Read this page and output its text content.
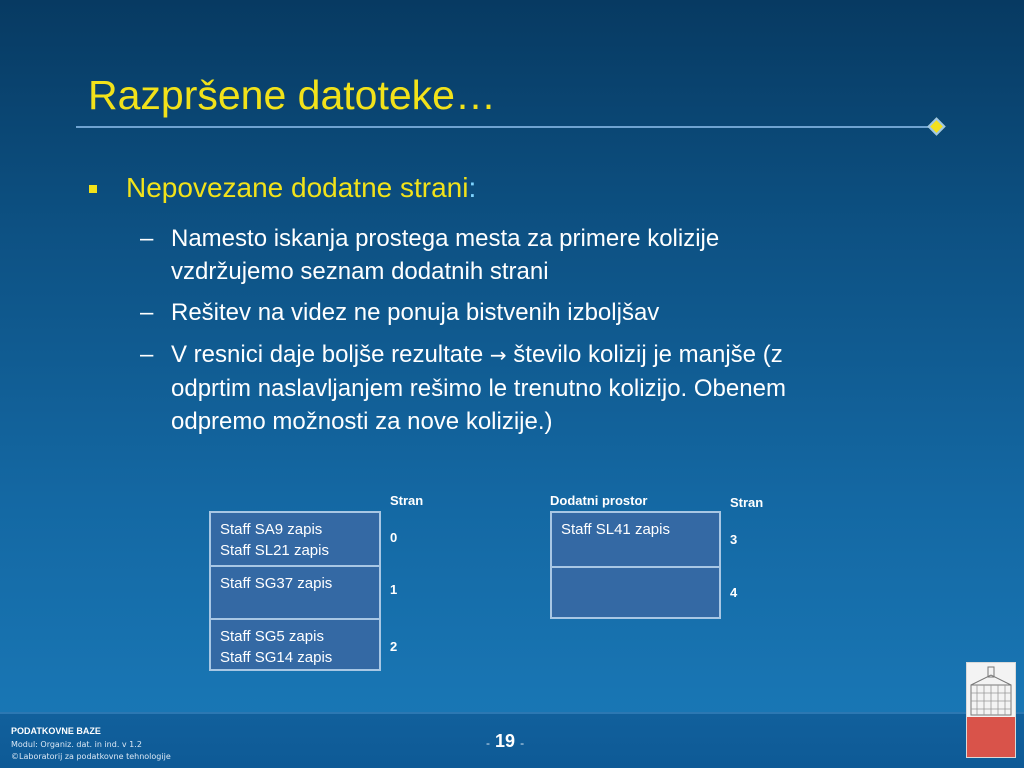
Razpršene datoteke…
Nepovezane dodatne strani:
– Namesto iskanja prostega mesta za primere kolizije
vzdržujemo seznam dodatnih strani
– Rešitev na videz ne ponuja bistvenih izboljšav
– V resnici daje boljše rezultate → število kolizij je manjše (z
odprtim naslavljanjem rešimo le trenutno kolizijo. Obenem
odpremo možnosti za nove kolizije.)
Stran
Staff SA9 zapis
Staff SL21 zapis
Staff SG37 zapis
Staff SG5 zapis
Staff SG14 zapis
0
1
2
Dodatni prostor	Stran
Staff SL41 zapis
3
4
PODATKOVNE BAZE
Modul: Organiz. dat. in ind. v 1.2
©Laboratorij za podatkovne tehnologije
- 19 -
